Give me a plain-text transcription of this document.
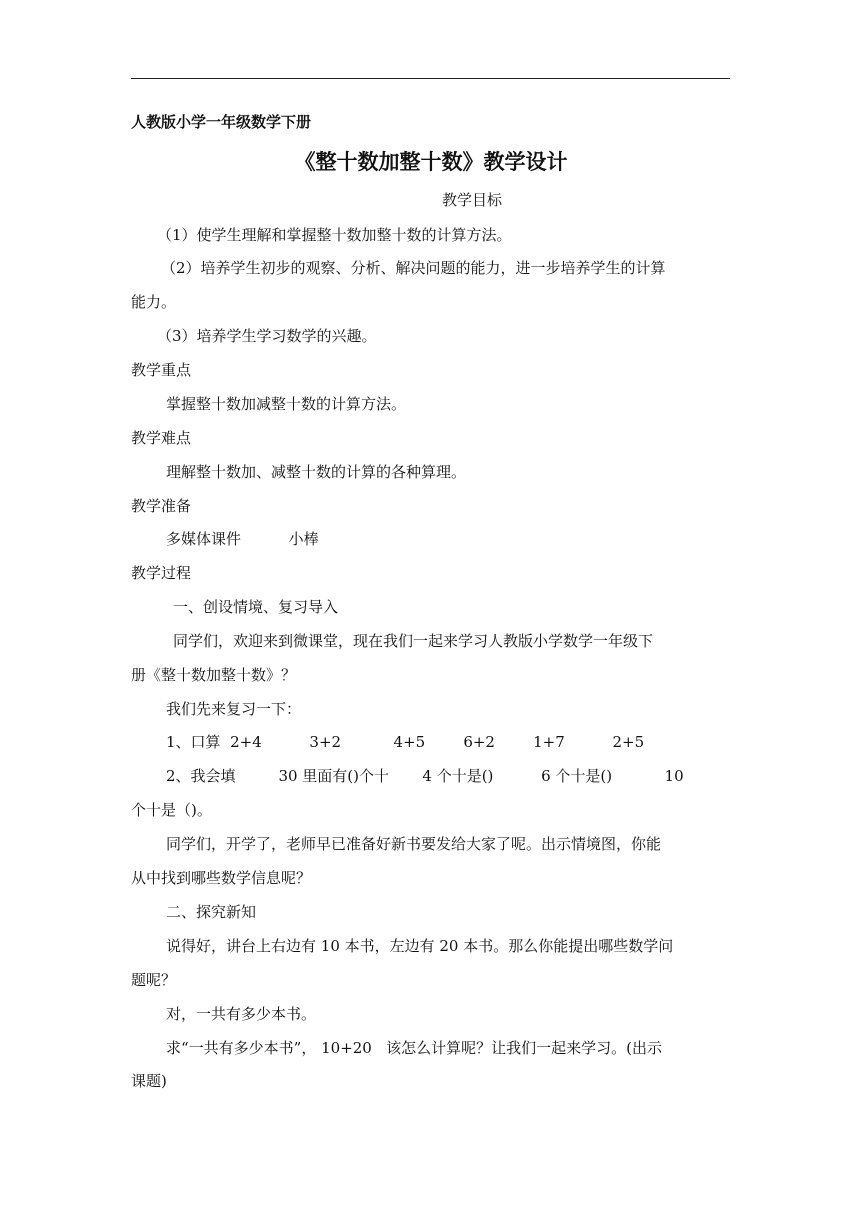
人教版小学一年级数学下册
《整十数加整十数》教学设计
教学目标
（1）使学生理解和掌握整十数加整十数的计算方法。
（2）培养学生初步的观察、分析、解决问题的能力，进一步培养学生的计算
能力。
（3）培养学生学习数学的兴趣。
教学重点
掌握整十数加减整十数的计算方法。
教学难点
理解整十数加、减整十数的计算的各种算理。
教学准备
多媒体课件          小棒
教学过程
一、创设情境、复习导入
同学们，欢迎来到微课堂，现在我们一起来学习人教版小学数学一年级下
册《整十数加整十数》？
我们先来复习一下：
1、口算  2+4          3+2           4+5        6+2        1+7          2+5
2、我会填         30 里面有()个十       4 个十是()          6 个十是()           10
个十是（)。
同学们，开学了，老师早已准备好新书要发给大家了呢。出示情境图，你能
从中找到哪些数学信息呢？
二、探究新知
说得好，讲台上右边有 10 本书，左边有 20 本书。那么你能提出哪些数学问
题呢？
对，一共有多少本书。
求“一共有多少本书”， 10+20   该怎么计算呢？让我们一起来学习。(出示
课题)
